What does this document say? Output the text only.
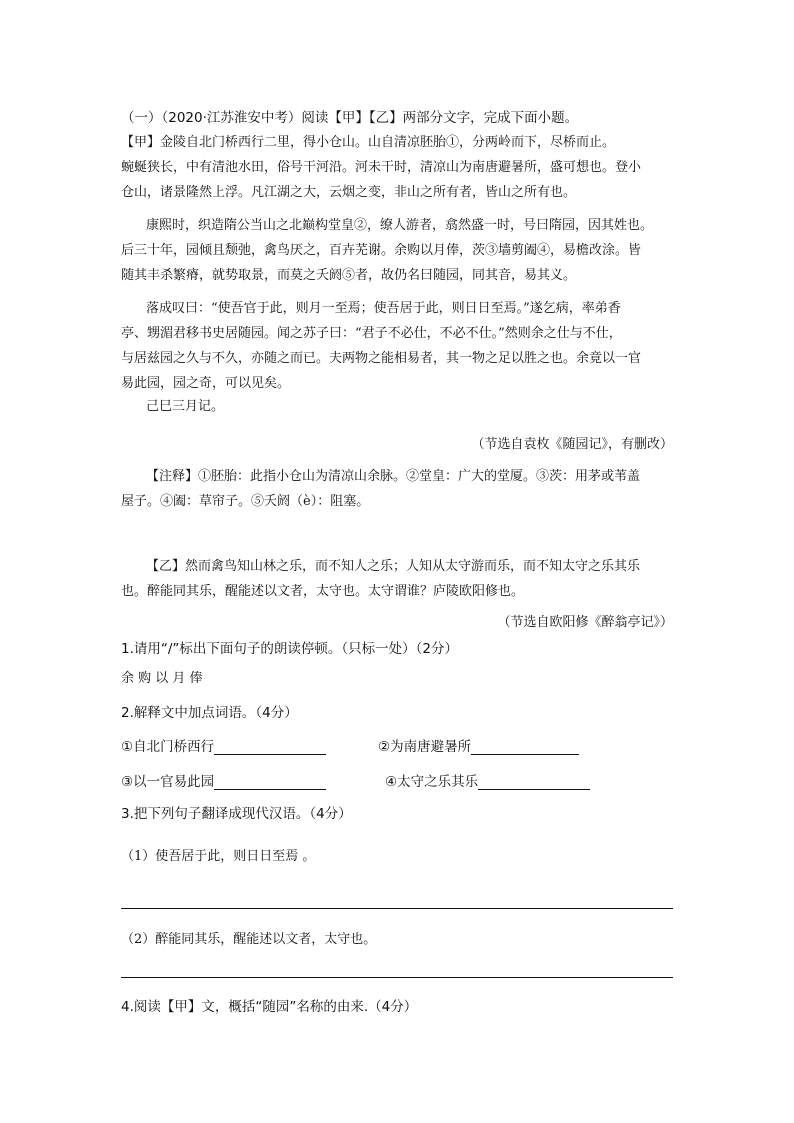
（一）（2020·江苏淮安中考）阅读【甲】【乙】两部分文字，完成下面小题。
【甲】金陵自北门桥西行二里，得小仓山。山自清凉胚胎①，分两岭而下，尽桥而止。
蜿蜒狭长，中有清池水田，俗号干河沿。河未干时，清凉山为南唐避暑所，盛可想也。登小
仓山，诸景隆然上浮。凡江湖之大，云烟之变，非山之所有者，皆山之所有也。
康熙时，织造隋公当山之北巅构堂皇②，缭人游者，翕然盛一时，号曰隋园，因其姓也。
后三十年，园倾且颓弛，禽鸟厌之，百卉芜谢。余购以月俸，茨③墙剪阖④，易檐改涂。皆
随其丰杀繁瘠，就势取景，而莫之夭阏⑤者，故仍名曰随园，同其音，易其义。
落成叹曰：“使吾官于此，则月一至焉；使吾居于此，则日日至焉。”遂乞病，率弟香
亭、甥湄君移书史居随园。闻之苏子曰：“君子不必仕，不必不仕。”然则余之仕与不仕，
与居兹园之久与不久，亦随之而已。夫两物之能相易者，其一物之足以胜之也。余竟以一官
易此园，园之奇，可以见矣。
己巳三月记。
（节选自袁枚《随园记》，有删改）
【注释】①胚胎：此指小仓山为清凉山余脉。②堂皇：广大的堂厦。③茨：用茅或苇盖
屋子。④阖：草帘子。⑤夭阏（è）：阻塞。
【乙】然而禽鸟知山林之乐，而不知人之乐；人知从太守游而乐，而不知太守之乐其乐
也。醉能同其乐，醒能述以文者，太守也。太守谓谁？庐陵欧阳修也。
（节选自欧阳修《醉翁亭记》）
1.请用“/”标出下面句子的朗读停顿。（只标一处）（2分）
余 购 以 月 俸
2.解释文中加点词语。（4分）
①自北门桥西行	②为南唐避暑所
③以一官易此园	④太守之乐其乐
3.把下列句子翻译成现代汉语。（4分）
（1）使吾居于此，则日日至焉 。
（2）醉能同其乐，醒能述以文者，太守也。
4.阅读【甲】文，概括“随园”名称的由来.（4分）
